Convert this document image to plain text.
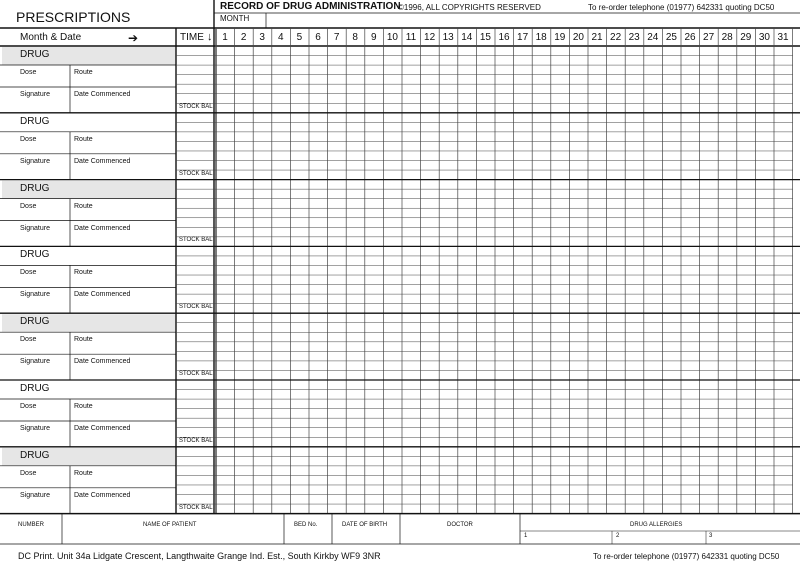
PRESCRIPTIONS
RECORD OF DRUG ADMINISTRATION
©1996, ALL COPYRIGHTS RESERVED	To re-order telephone (01977) 642331 quoting DC50
MONTH
Month & Date	➔	TIME ↓ 1	2	3	4	5	6	7	8	9	10 11 12 13 14 15 16 17 18 19 20 21 22 23 24 25 26 27 28 29 30 31
DRUG
Dose	Route
Signature	Date Commenced
STOCK BAL
DRUG
Dose	Route
Signature	Date Commenced
STOCK BAL
DRUG
Dose	Route
Signature	Date Commenced
STOCK BAL
DRUG
Dose	Route
Signature	Date Commenced
STOCK BAL
DRUG
Dose	Route
Signature	Date Commenced
STOCK BAL
DRUG
Dose	Route
Signature	Date Commenced
STOCK BAL
DRUG
Dose	Route
Signature	Date Commenced
STOCK BAL
NUMBER	NAME OF PATIENT	BED No.	DATE OF BIRTH	DOCTOR	DRUG ALLERGIES
1	2	3
DC Print. Unit 34a Lidgate Crescent, Langthwaite Grange Ind. Est., South Kirkby WF9 3NR	To re-order telephone (01977) 642331 quoting DC50
